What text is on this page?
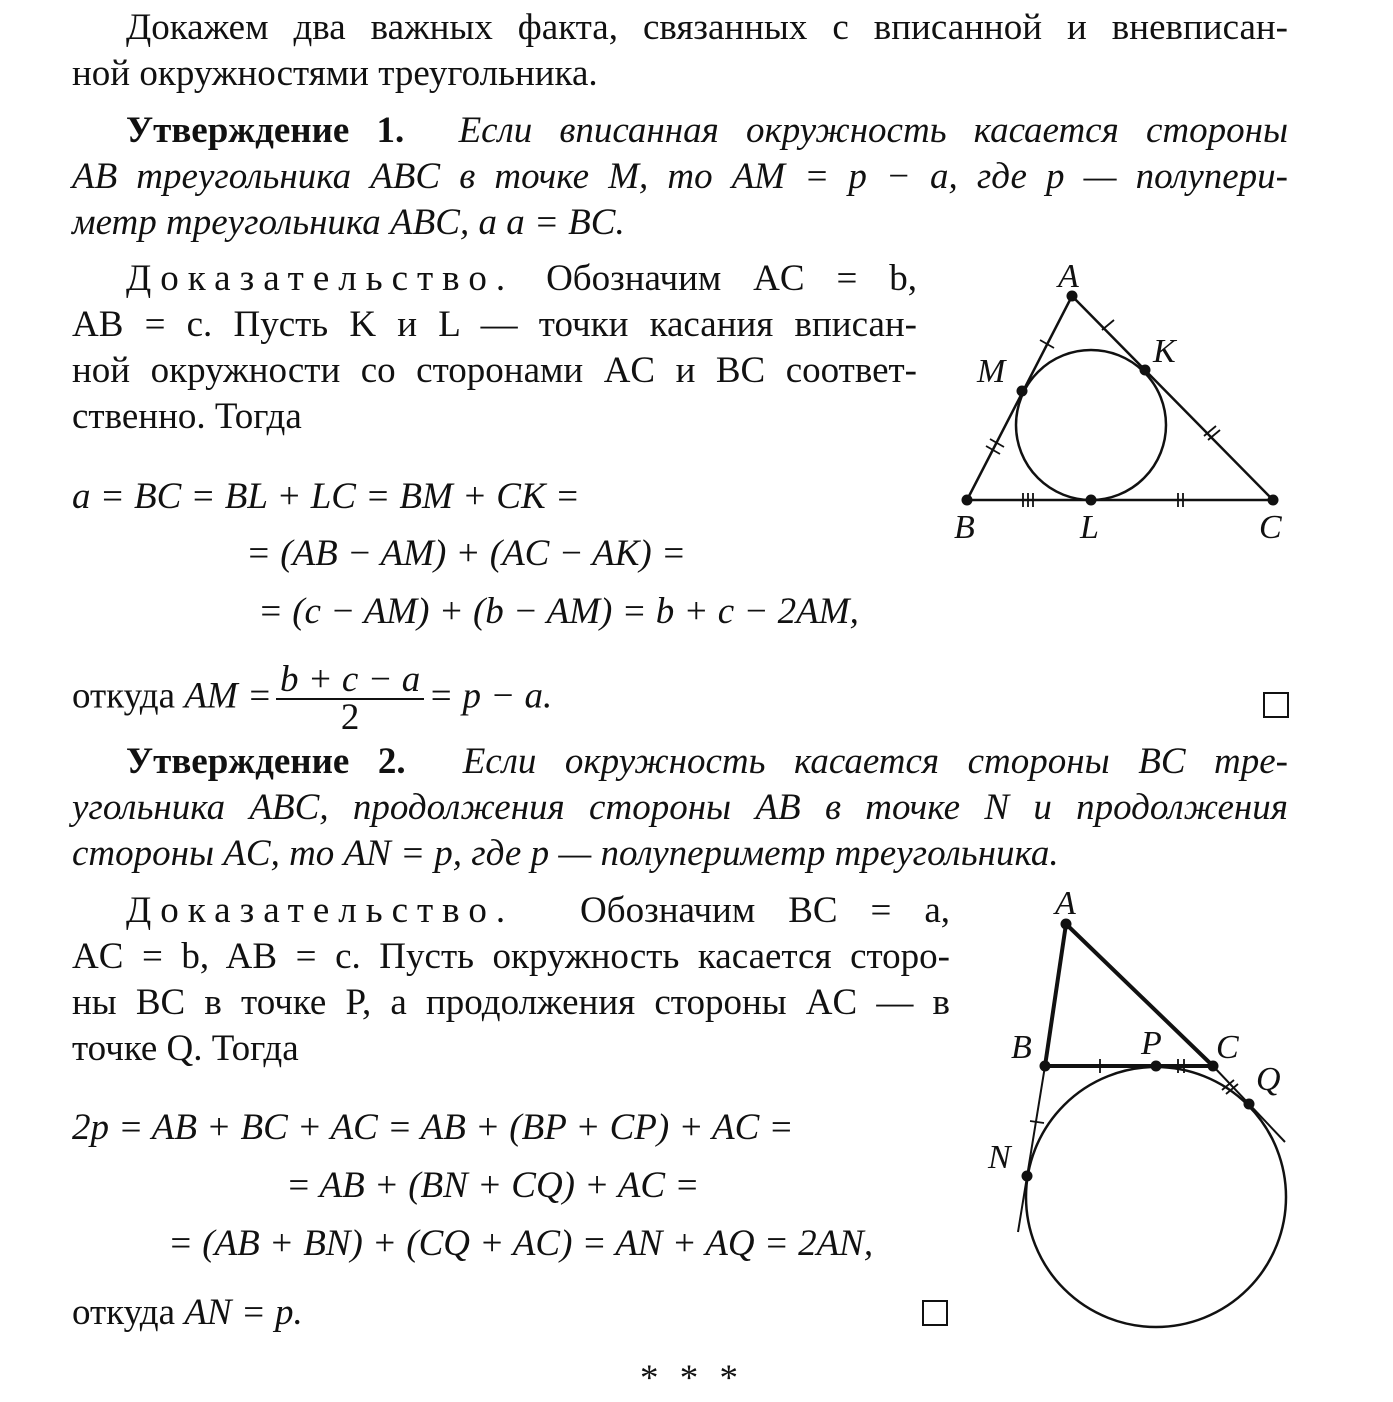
Докажем два важных факта, связанных с вписанной и вневписан-
ной окружностями треугольника.
Утверждение 1. Если вписанная окружность касается стороны
AB треугольника ABC в точке M, то AM = p − a, где p — полупери-
метр треугольника ABC, а a = BC.
Доказательство. Обозначим AC = b,
AB = c. Пусть K и L — точки касания вписан-
ной окружности со сторонами AC и BC соответ-
ственно. Тогда
a = BC = BL + LC = BM + CK =
= (AB − AM) + (AC − AK) =
= (c − AM) + (b − AM) = b + c − 2AM,
откуда AM = $\frac{b + c - a}{2} = p - a$.
Утверждение 2. Если окружность касается стороны BC тре-
угольника ABC, продолжения стороны AB в точке N и продолжения
стороны AC, то AN = p, где p — полупериметр треугольника.
Доказательство. Обозначим BC = a,
AC = b, AB = c. Пусть окружность касается сторо-
ны BC в точке P, а продолжения стороны AC — в
точке Q. Тогда
2p = AB + BC + AC = AB + (BP + CP) + AC =
= AB + (BN + CQ) + AC =
= (AB + BN) + (CQ + AC) = AN + AQ = 2AN,
откуда AN = p.
* * *
A
B	C
M
K
L
A
B	C
P
Q
N
